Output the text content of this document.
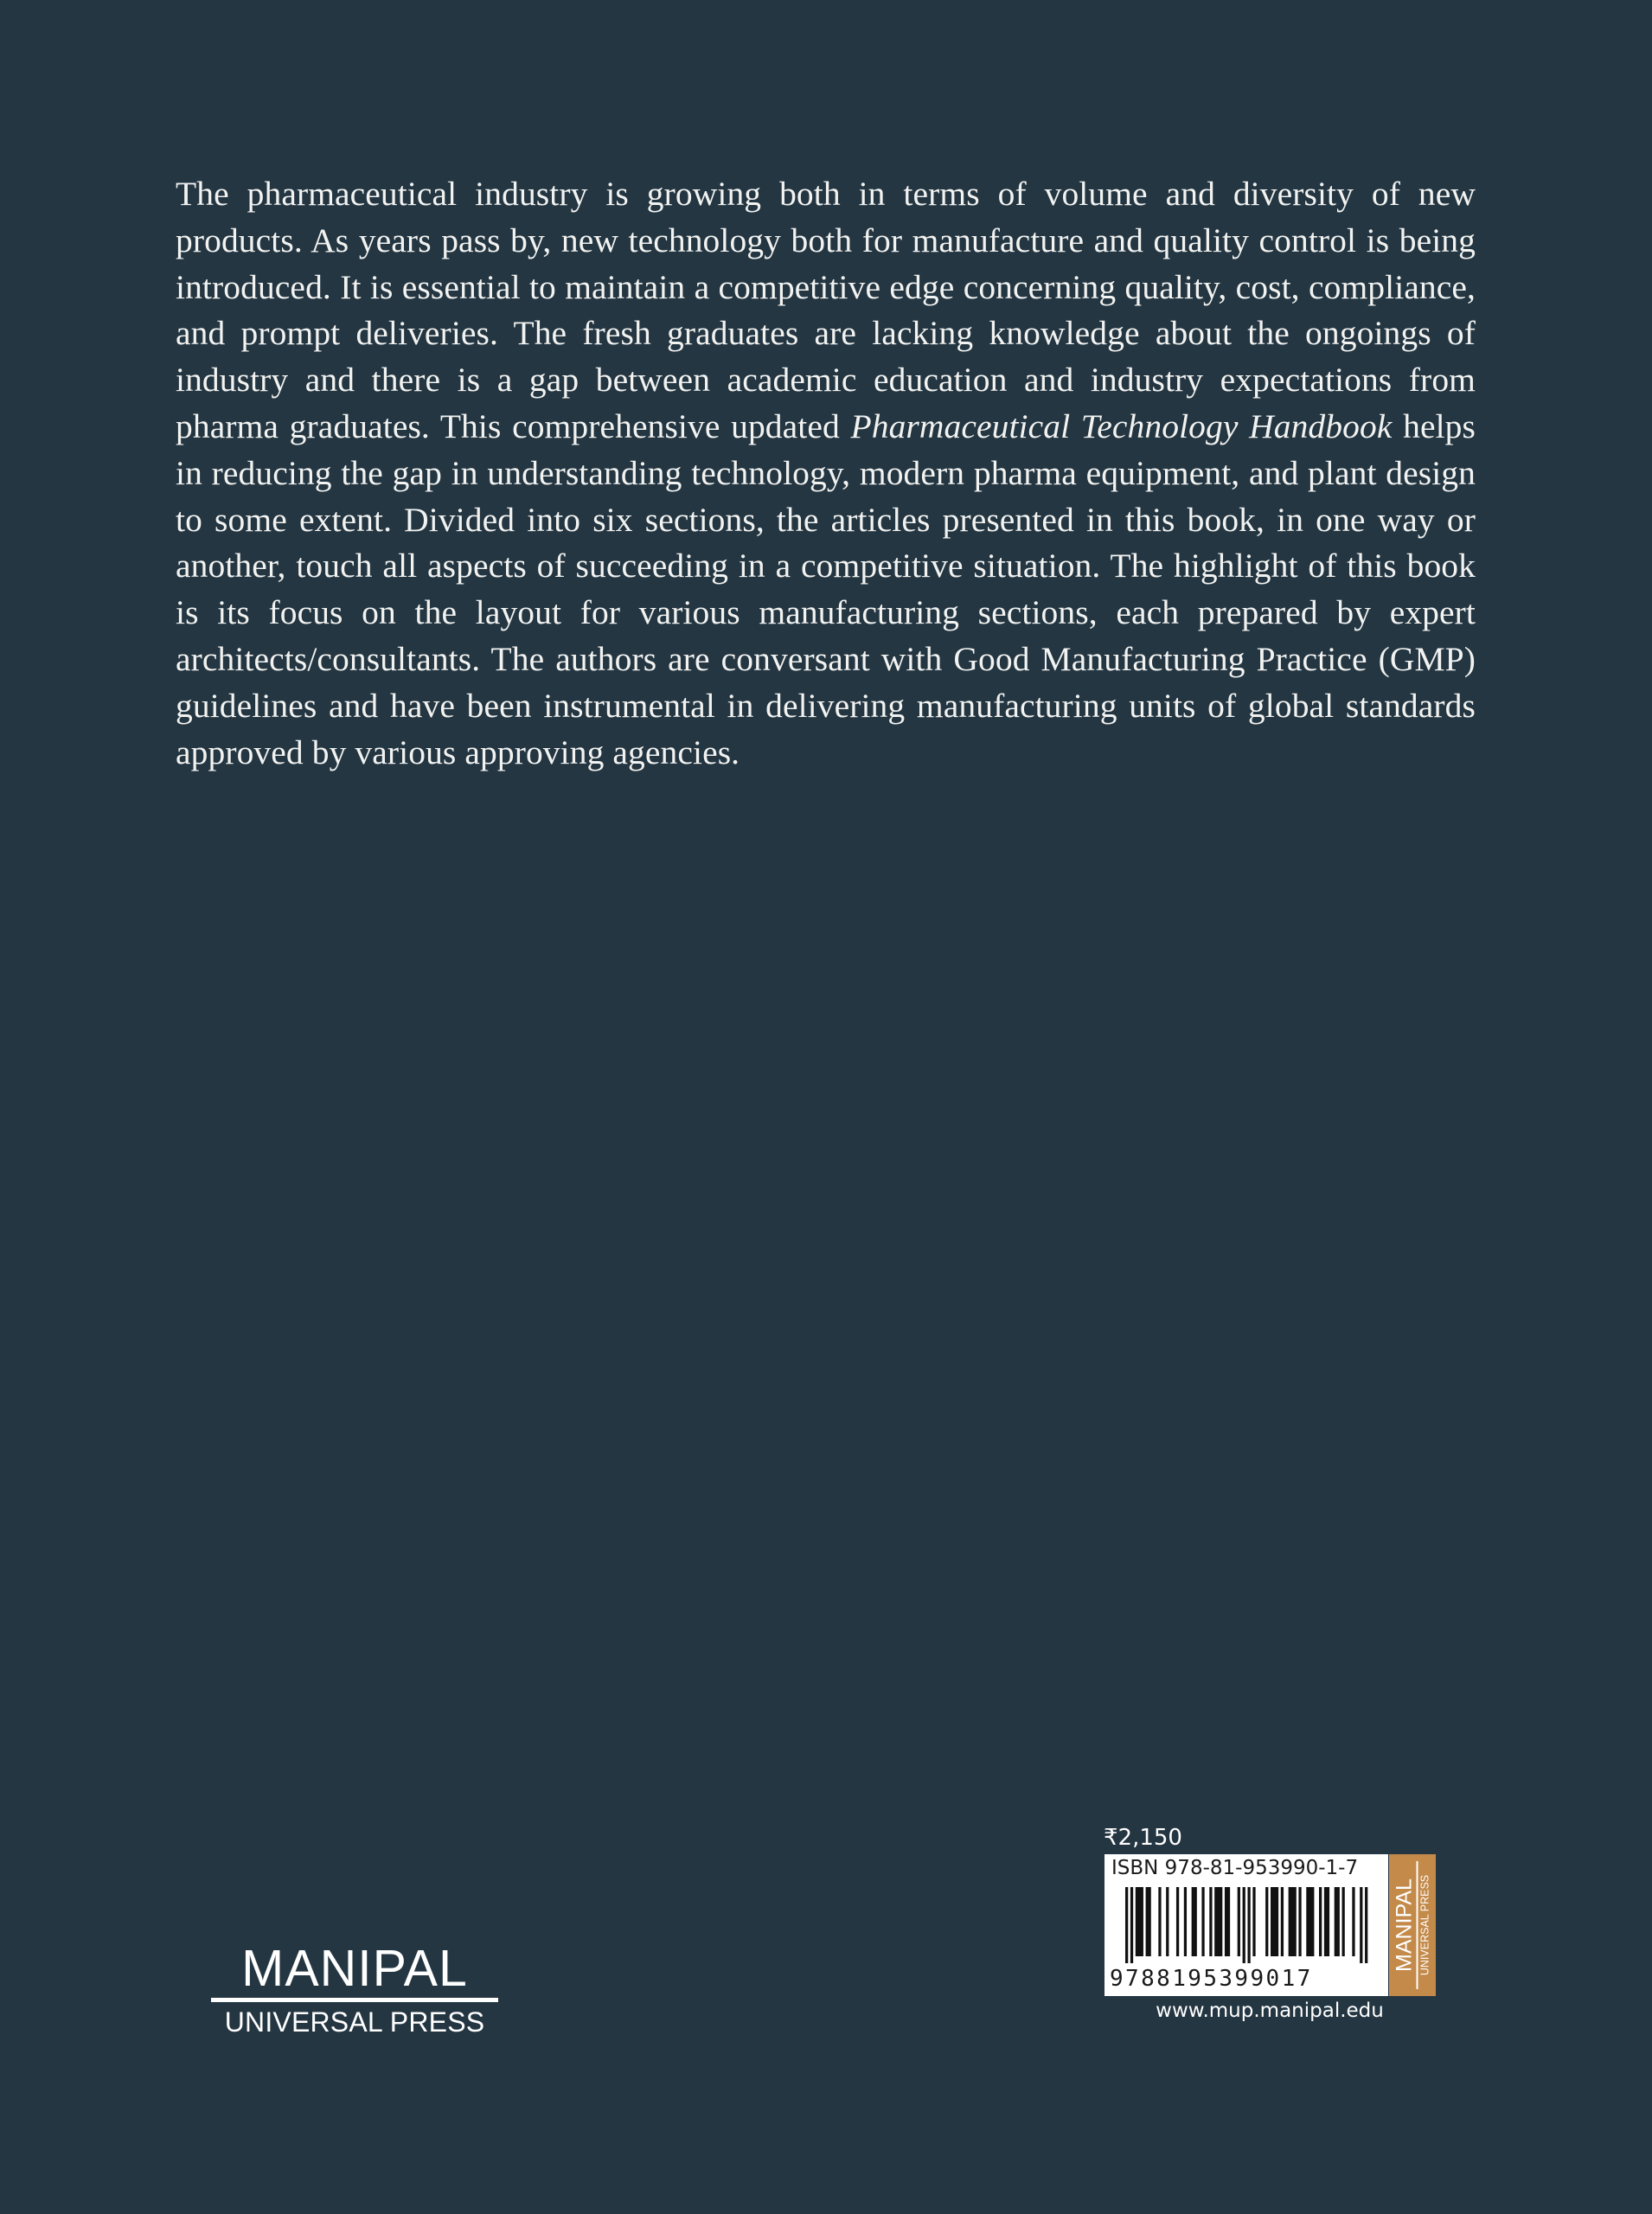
The pharmaceutical industry is growing both in terms of volume and diversity of new products. As years pass by, new technology both for manufacture and quality control is being introduced. It is essential to maintain a competitive edge concerning quality, cost, compliance, and prompt deliveries. The fresh graduates are lacking knowledge about the ongoings of industry and there is a gap between academic education and industry expectations from pharma graduates. This comprehensive updated Pharmaceutical Technology Handbook helps in reducing the gap in understanding technology, modern pharma equipment, and plant design to some extent. Divided into six sections, the articles presented in this book, in one way or another, touch all aspects of succeeding in a competitive situation. The highlight of this book is its focus on the layout for various manufacturing sections, each prepared by expert architects/consultants. The authors are conversant with Good Manufacturing Practice (GMP) guidelines and have been instrumental in delivering manufacturing units of global standards approved by various approving agencies.

MANIPAL
UNIVERSAL PRESS
₹2,150
ISBN 978-81-953990-1-7
9788195399017
MANIPAL UNIVERSAL PRESS
www.mup.manipal.edu
